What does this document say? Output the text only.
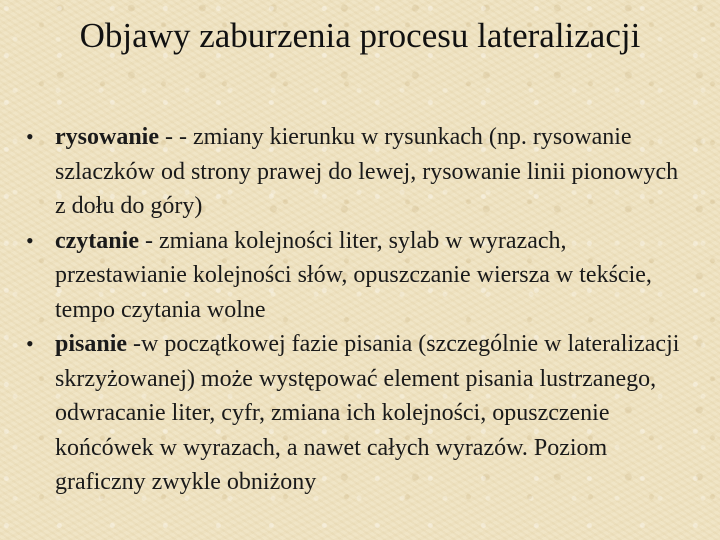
Objawy zaburzenia procesu lateralizacji
• rysowanie - - zmiany kierunku w rysunkach (np. rysowanie szlaczków od strony prawej do lewej, rysowanie linii pionowych z dołu do góry)
• czytanie - zmiana kolejności liter, sylab w wyrazach, przestawianie kolejności słów, opuszczanie wiersza w tekście, tempo czytania wolne
• pisanie -w początkowej fazie pisania (szczególnie w lateralizacji skrzyżowanej) może występować element pisania lustrzanego, odwracanie liter, cyfr, zmiana ich kolejności, opuszczenie końcówek w wyrazach, a nawet całych wyrazów. Poziom graficzny zwykle obniżony
